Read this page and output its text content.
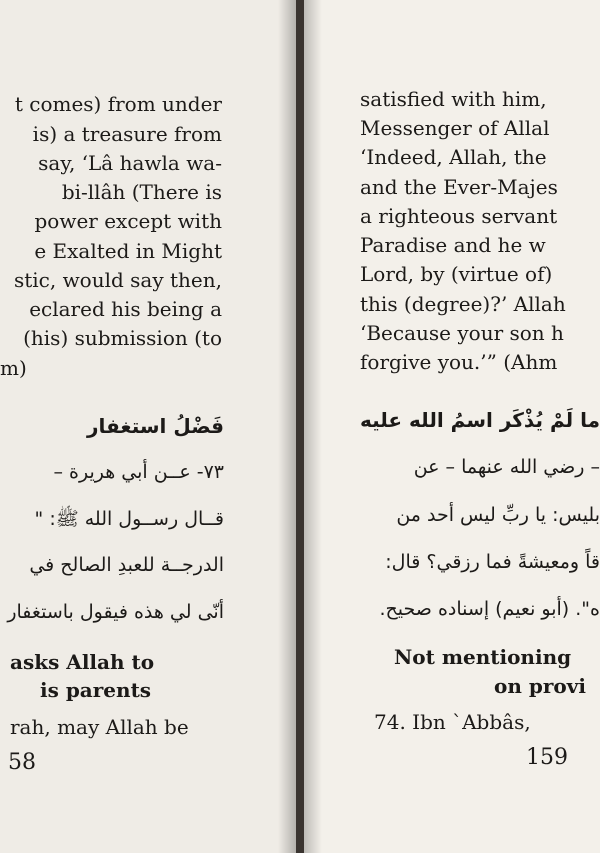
t comes) from under
is) a treasure from
say, ‘Lâ hawla wa-
bi-llâh (There is
power except with
e Exalted in Might
stic, would say then,
eclared his being a
(his) submission (to
m)
فَضْلُ استغفار
٧٣- عــن أبي هريرة –
قــال رســول الله ﷺ: "
الدرجــة للعبدِ الصالح في
أنّى لي هذه فيقول باستغفار
asks Allah to
is parents
rah, may Allah be
58
satisfied with him,
Messenger of Allal
‘Indeed, Allah, the
and the Ever-Majes
a righteous servant
Paradise and he w
Lord, by (virtue of)
this (degree)?’ Allah
‘Because your son h
forgive you.’” (Ahm
ما لَمْ يُذْكَر اسمُ الله عليه
– رضي الله عنهما – عن
بليس: يا ربِّ ليس أحد من
قاً ومعيشةً فما رزقي؟ قال:
ه". (أبو نعيم) إسناده صحيح.
Not mentioning
on provi
74. Ibn `Abbâs,
159
